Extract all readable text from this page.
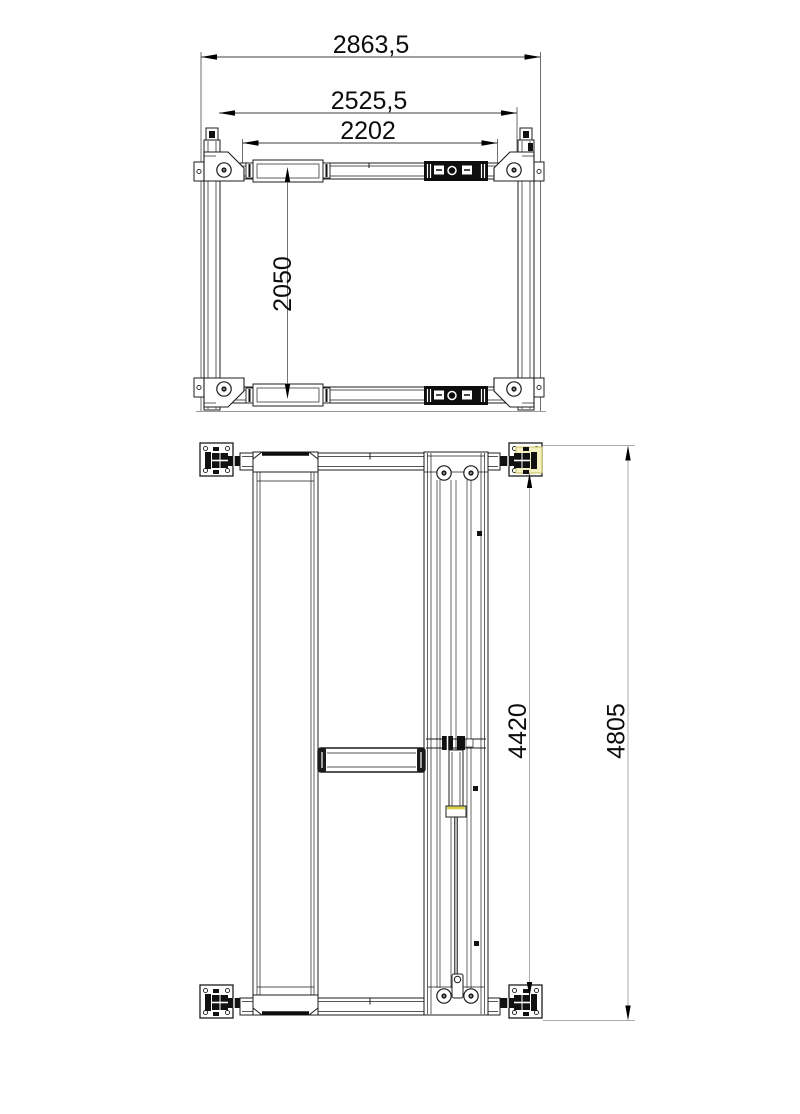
2863,5
2525,5
2202
2050
4420	4805
